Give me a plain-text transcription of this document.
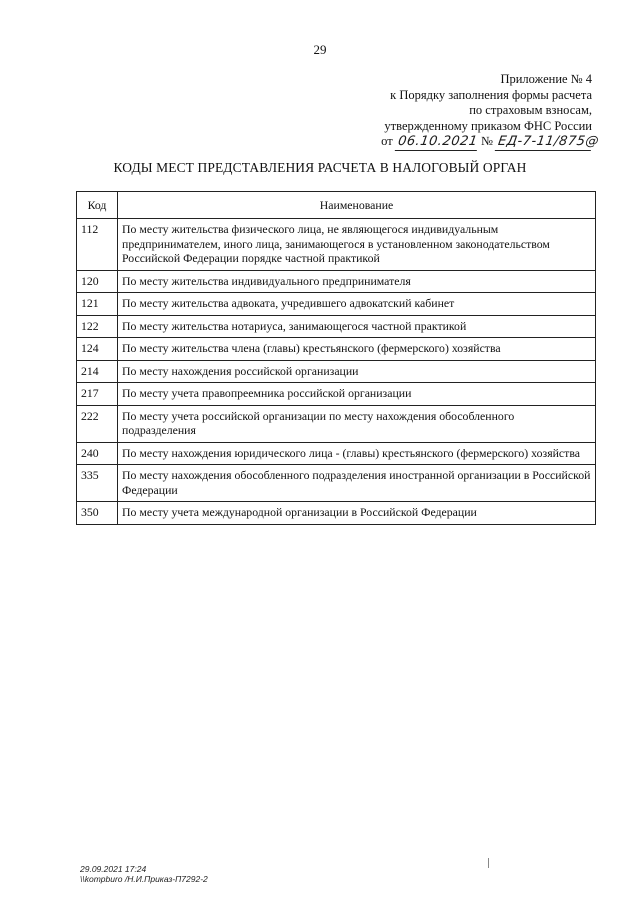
29
Приложение № 4
к Порядку заполнения формы расчета
по страховым взносам,
утвержденному приказом ФНС России
от 06.10.2021 № ЕД-7-11/875@
КОДЫ МЕСТ ПРЕДСТАВЛЕНИЯ РАСЧЕТА В НАЛОГОВЫЙ ОРГАН
Код	Наименование
112	По месту жительства физического лица, не являющегося индивидуальным предпринимателем, иного лица, занимающегося в установленном законодательством Российской Федерации порядке частной практикой
120	По месту жительства индивидуального предпринимателя
121	По месту жительства адвоката, учредившего адвокатский кабинет
122	По месту жительства нотариуса, занимающегося частной практикой
124	По месту жительства члена (главы) крестьянского (фермерского) хозяйства
214	По месту нахождения российской организации
217	По месту учета правопреемника российской организации
222	По месту учета российской организации по месту нахождения обособленного подразделения
240	По месту нахождения юридического лица - (главы) крестьянского (фермерского) хозяйства
335	По месту нахождения обособленного подразделения иностранной организации в Российской Федерации
350	По месту учета международной организации в Российской Федерации
29.09.2021 17:24
\\kompburo /Н.И.Приказ-П7292-2
